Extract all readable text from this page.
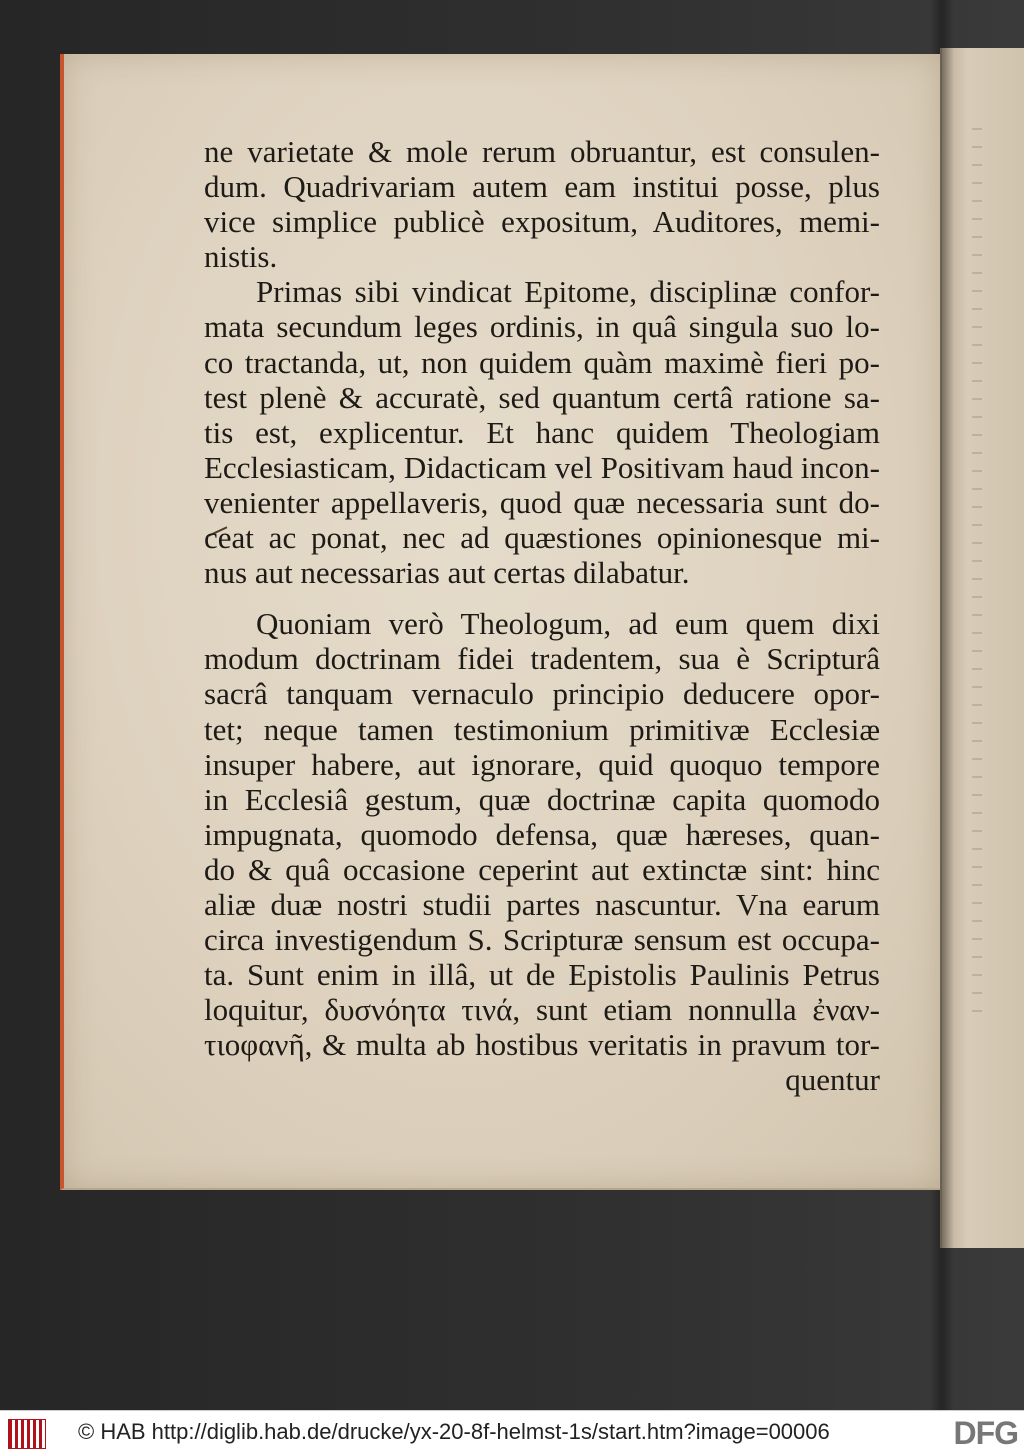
ne varietate & mole rerum obruantur, est consulen-
dum. Quadrivariam autem eam institui posse, plus
vice simplice publicè expositum, Auditores, memi-
nistis.
Primas sibi vindicat Epitome, disciplinæ confor-
mata secundum leges ordinis, in quâ singula suo lo-
co tractanda, ut, non quidem quàm maximè fieri po-
test plenè & accuratè, sed quantum certâ ratione sa-
tis est, explicentur. Et hanc quidem Theologiam
Ecclesiasticam, Didacticam vel Positivam haud incon-
venienter appellaveris, quod quæ necessaria sunt do-
ceat ac ponat, nec ad quæstiones opinionesque mi-
nus aut necessarias aut certas dilabatur.
Quoniam verò Theologum, ad eum quem dixi
modum doctrinam fidei tradentem, sua è Scripturâ
sacrâ tanquam vernaculo principio deducere opor-
tet; neque tamen testimonium primitivæ Ecclesiæ
insuper habere, aut ignorare, quid quoquo tempore
in Ecclesiâ gestum, quæ doctrinæ capita quomodo
impugnata, quomodo defensa, quæ hæreses, quan-
do & quâ occasione ceperint aut extinctæ sint: hinc
aliæ duæ nostri studii partes nascuntur. Vna earum
circa investigendum S. Scripturæ sensum est occupa-
ta. Sunt enim in illâ, ut de Epistolis Paulinis Petrus
loquitur, δυσνόητα τινά, sunt etiam nonnulla ἐναν-
τιοφανῆ, & multa ab hostibus veritatis in pravum tor-
quentur
© HAB http://diglib.hab.de/drucke/yx-20-8f-helmst-1s/start.htm?image=00006	DFG
